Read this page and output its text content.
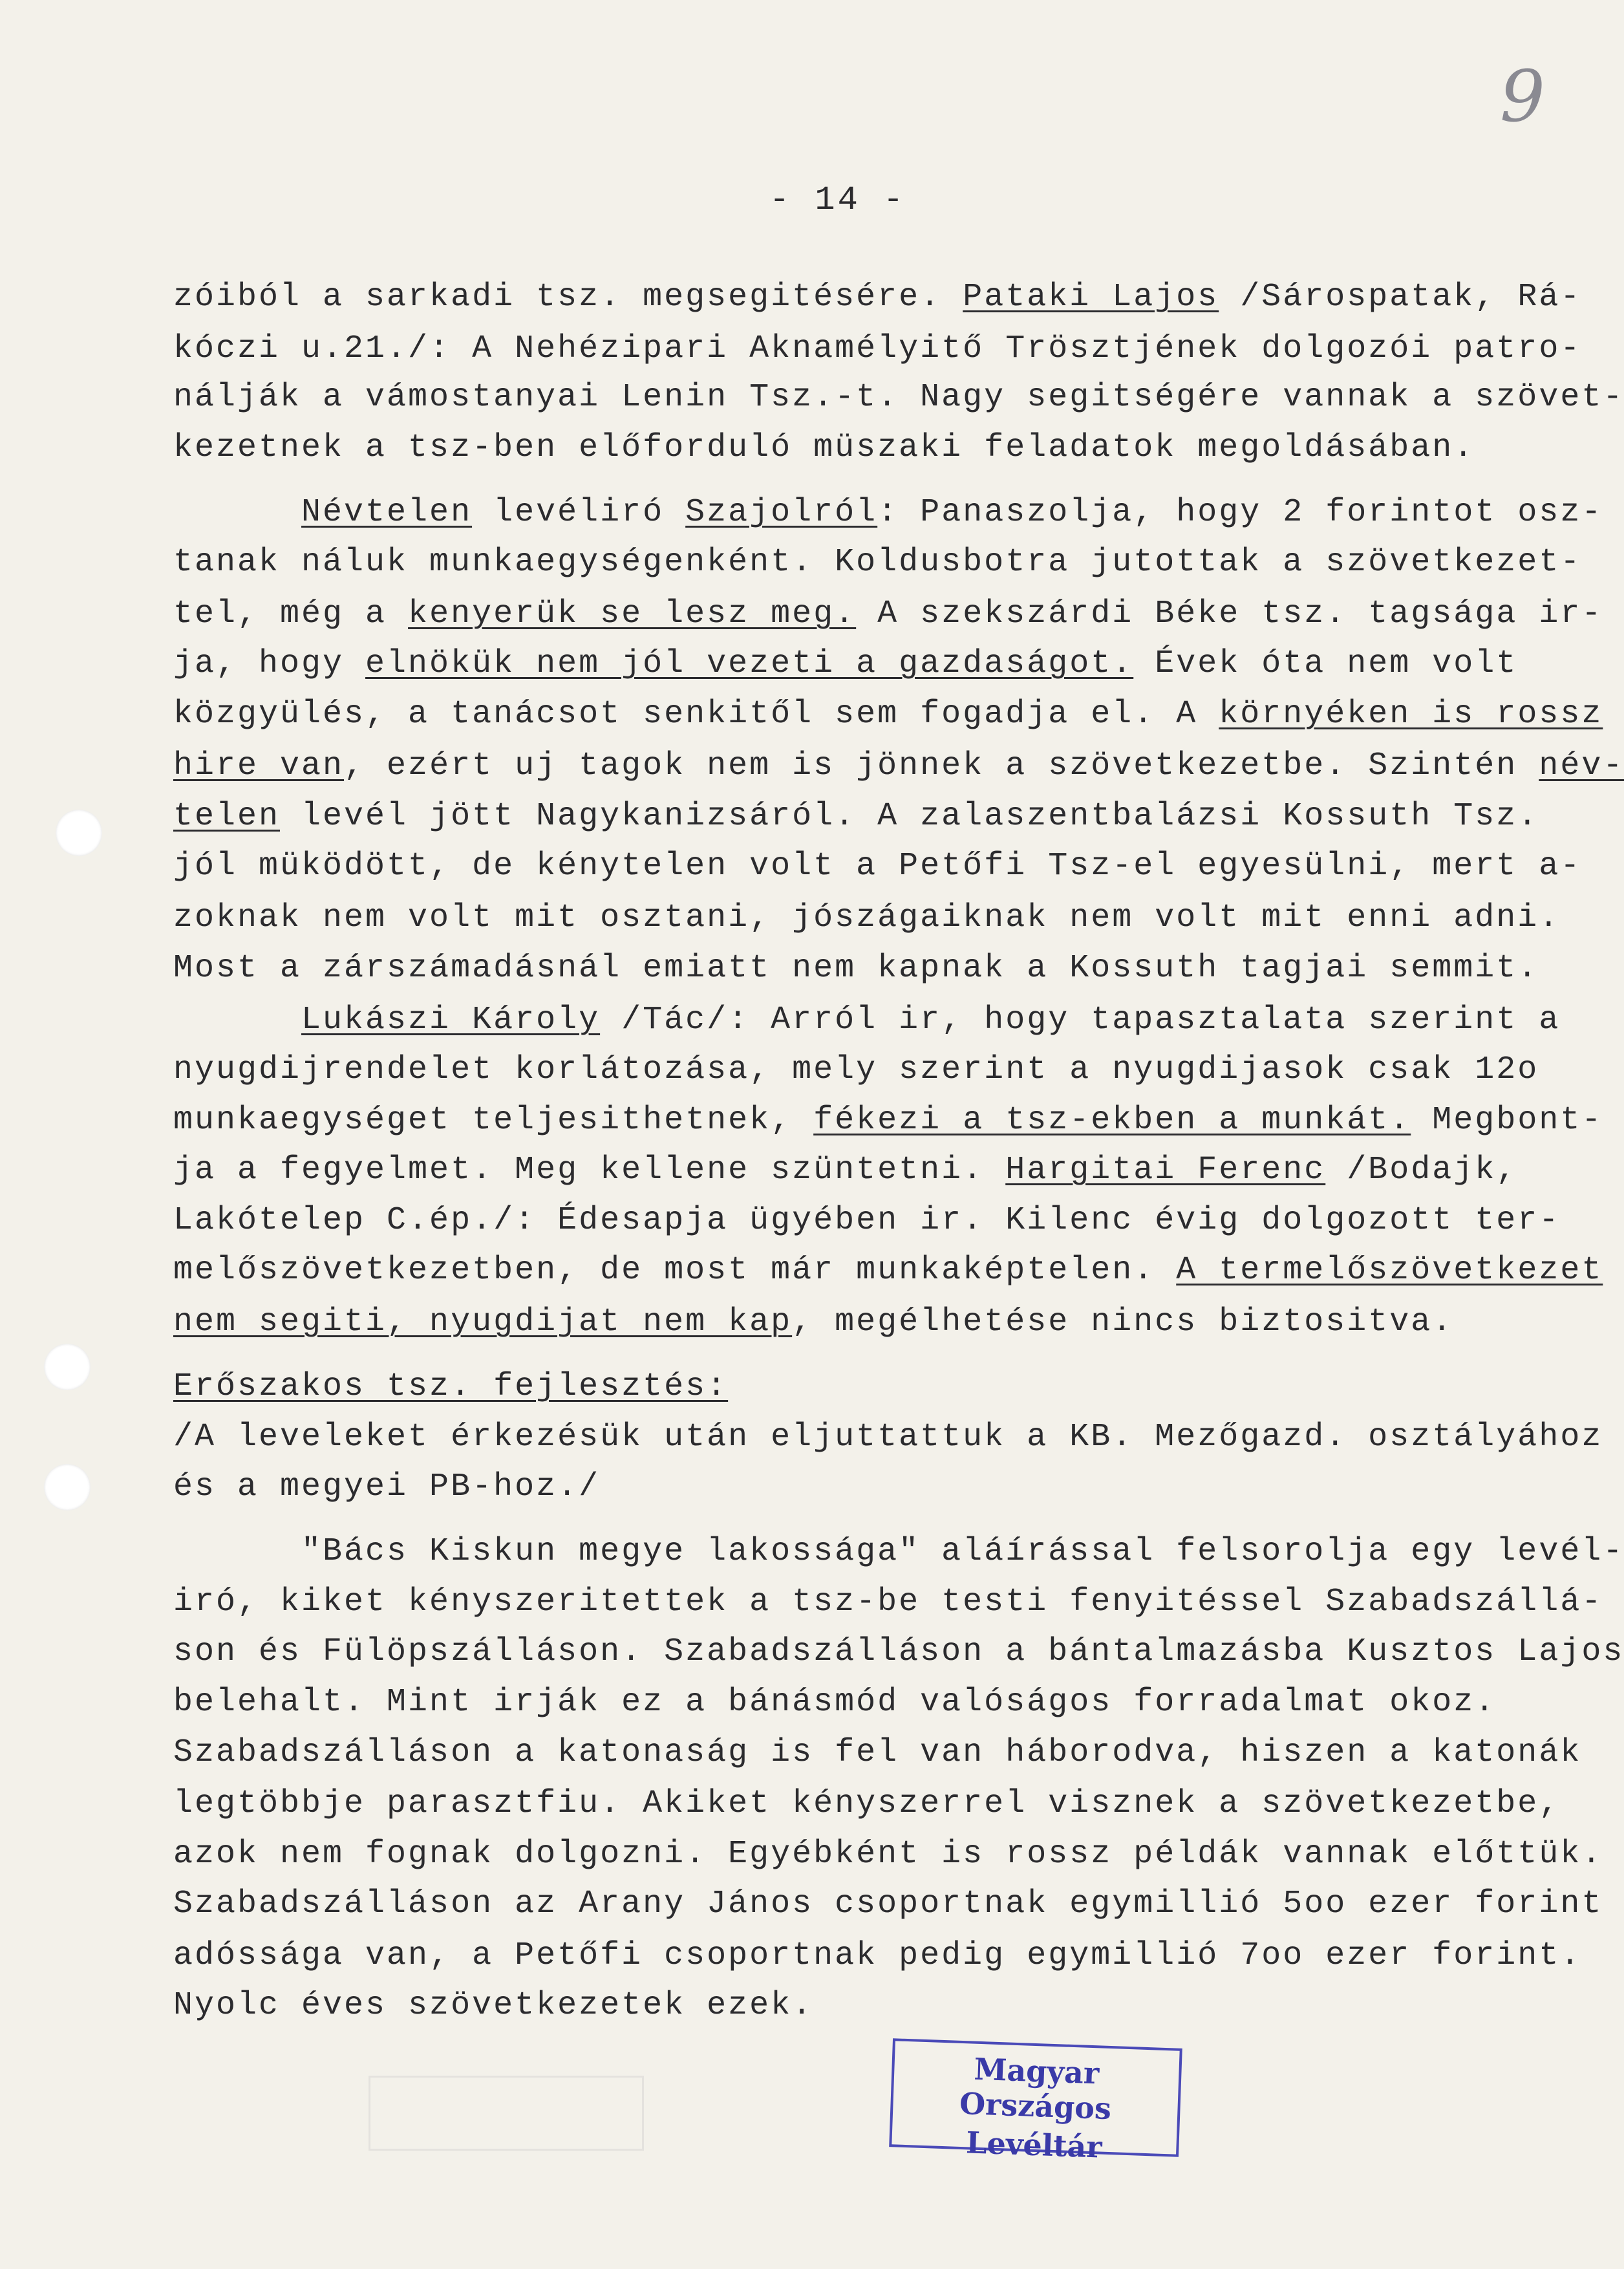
9
- 14 -
zóiból a sarkadi tsz. megsegitésére. Pataki Lajos /Sárospatak, Rá-
kóczi u.21./: A Nehézipari Aknamélyitő Trösztjének dolgozói patro-
nálják a vámostanyai Lenin Tsz.-t. Nagy segitségére vannak a szövet-
kezetnek a tsz-ben előforduló müszaki feladatok megoldásában.
Névtelen levéliró Szajolról: Panaszolja, hogy 2 forintot osz-
tanak náluk munkaegységenként. Koldusbotra jutottak a szövetkezet-
tel, még a kenyerük se lesz meg. A szekszárdi Béke tsz. tagsága ir-
ja, hogy elnökük nem jól vezeti a gazdaságot. Évek óta nem volt
közgyülés, a tanácsot senkitől sem fogadja el. A környéken is rossz
hire van, ezért uj tagok nem is jönnek a szövetkezetbe. Szintén név-
telen levél jött Nagykanizsáról. A zalaszentbalázsi Kossuth Tsz.
jól müködött, de kénytelen volt a Petőfi Tsz-el egyesülni, mert a-
zoknak nem volt mit osztani, jószágaiknak nem volt mit enni adni.
Most a zárszámadásnál emiatt nem kapnak a Kossuth tagjai semmit.
Lukászi Károly /Tác/: Arról ir, hogy tapasztalata szerint a
nyugdijrendelet korlátozása, mely szerint a nyugdijasok csak 12o
munkaegységet teljesithetnek, fékezi a tsz-ekben a munkát. Megbont-
ja a fegyelmet. Meg kellene szüntetni. Hargitai Ferenc /Bodajk,
Lakótelep C.ép./: Édesapja ügyében ir. Kilenc évig dolgozott ter-
melőszövetkezetben, de most már munkaképtelen. A termelőszövetkezet
nem segiti, nyugdijat nem kap, megélhetése nincs biztositva.
Erőszakos tsz. fejlesztés:
/A leveleket érkezésük után eljuttattuk a KB. Mezőgazd. osztályához
és a megyei PB-hoz./
"Bács Kiskun megye lakossága" aláírással felsorolja egy levél-
iró, kiket kényszeritettek a tsz-be testi fenyitéssel Szabadszállá-
son és Fülöpszálláson. Szabadszálláson a bántalmazásba Kusztos Lajos
belehalt. Mint irják ez a bánásmód valóságos forradalmat okoz.
Szabadszálláson a katonaság is fel van háborodva, hiszen a katonák
legtöbbje parasztfiu. Akiket kényszerrel visznek a szövetkezetbe,
azok nem fognak dolgozni. Egyébként is rossz példák vannak előttük.
Szabadszálláson az Arany János csoportnak egymillió 5oo ezer forint
adóssága van, a Petőfi csoportnak pedig egymillió 7oo ezer forint.
Nyolc éves szövetkezetek ezek.
Magyar Országos
Levéltár
